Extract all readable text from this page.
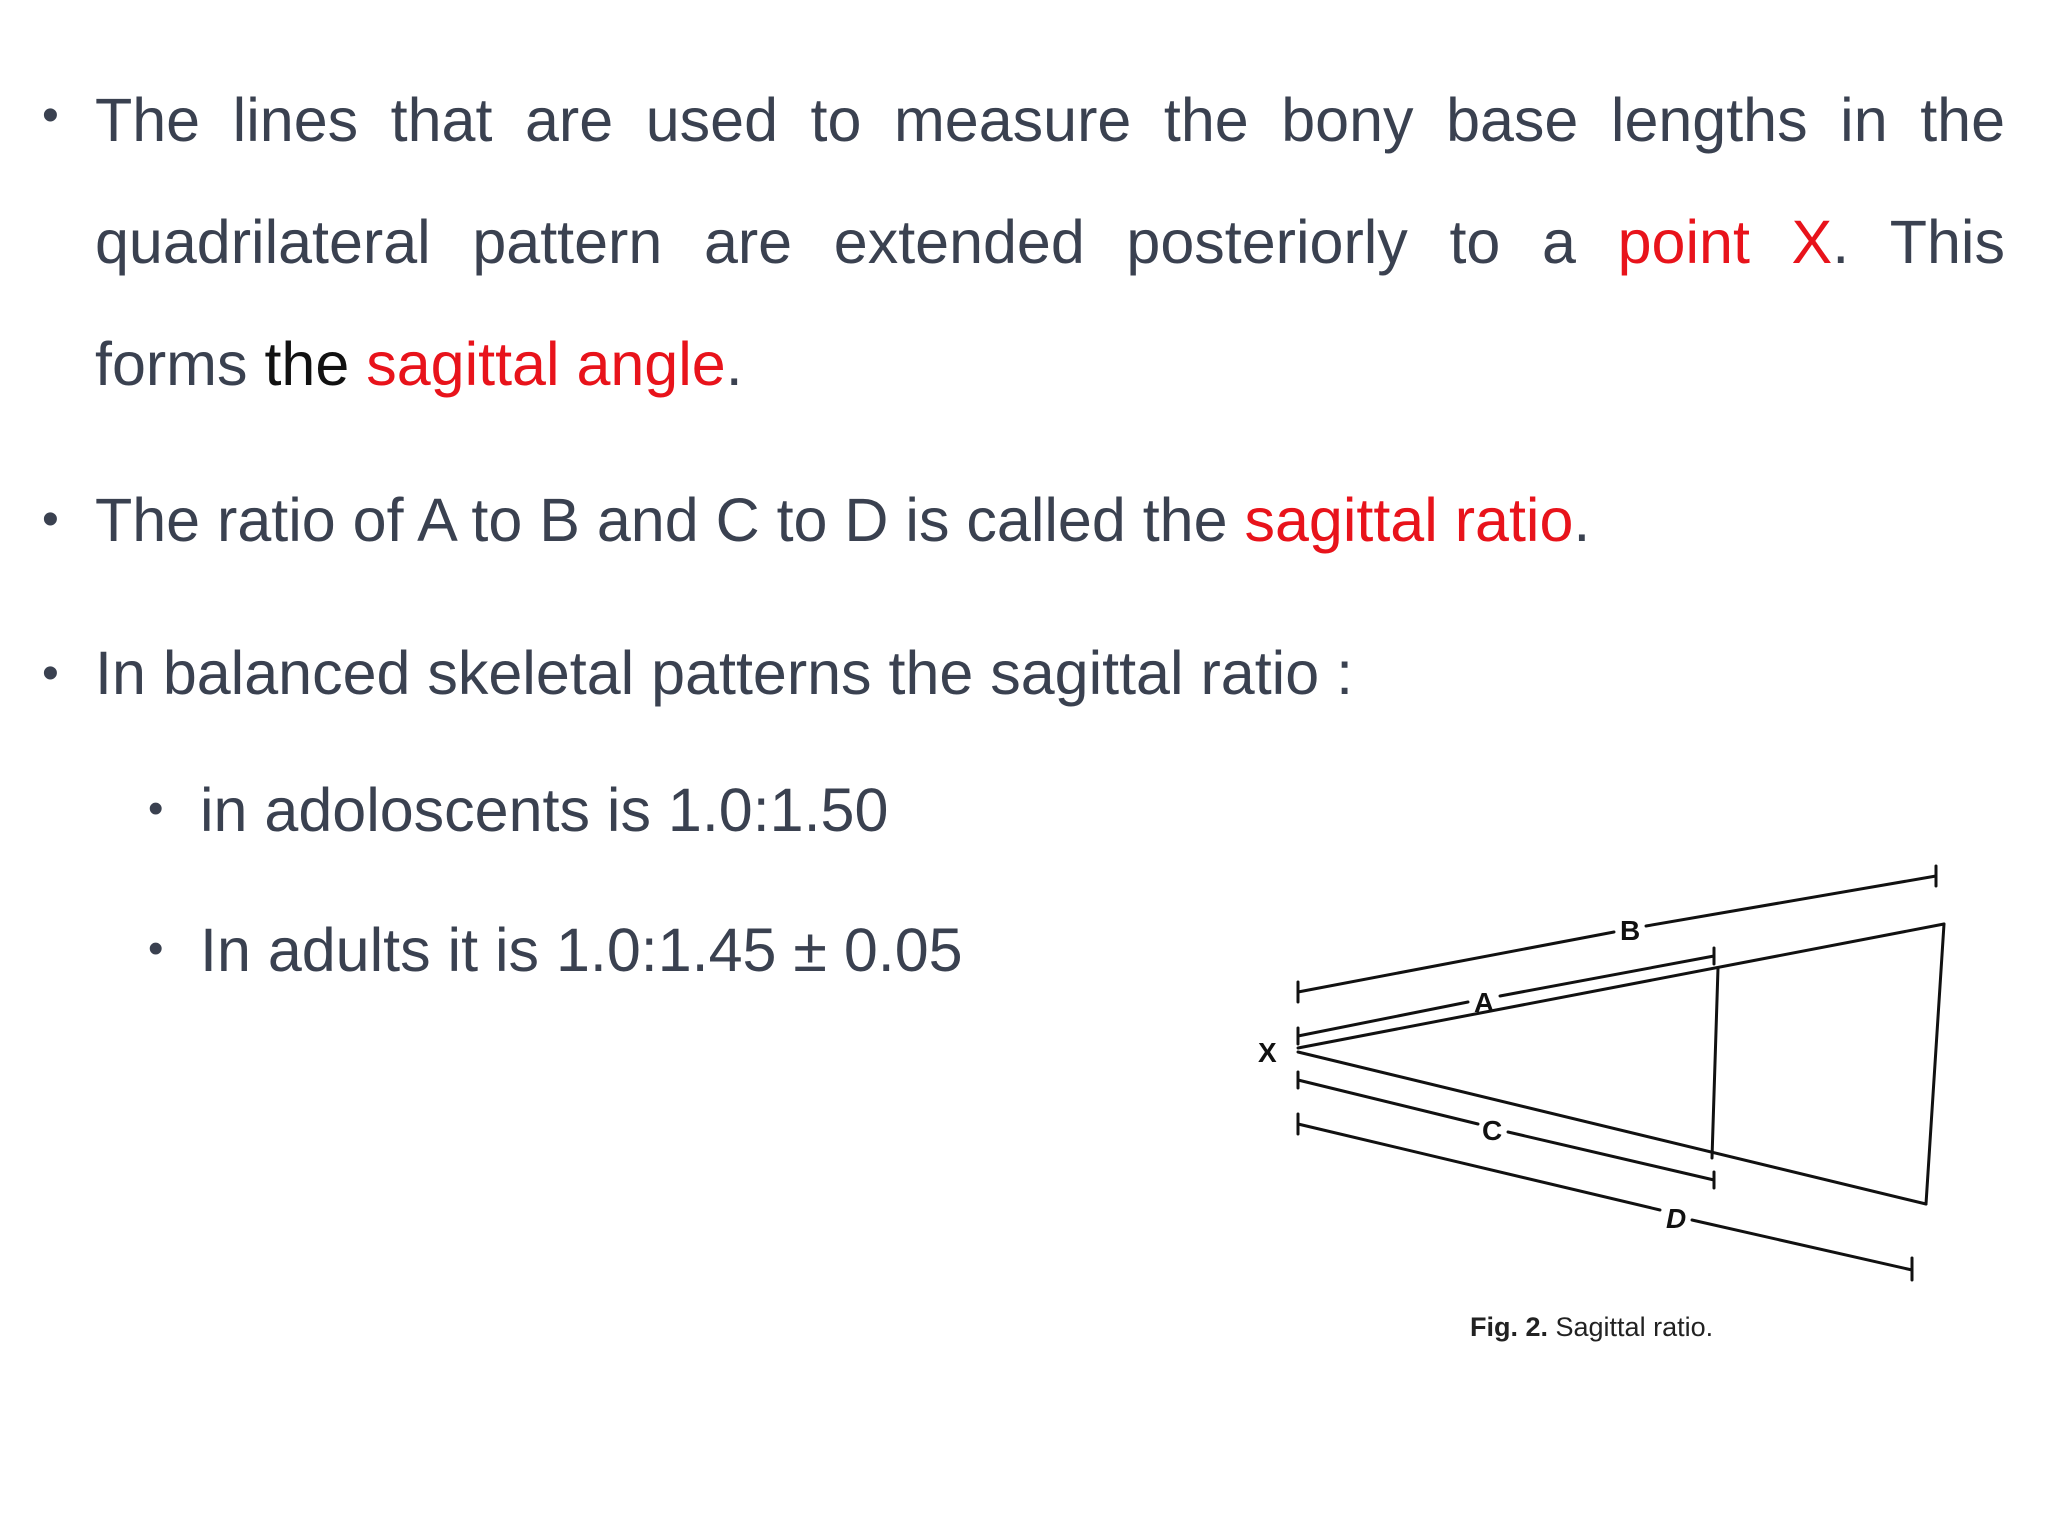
• The lines that are used to measure the bony base lengths in the
quadrilateral pattern are extended posteriorly to a point X. This
forms the sagittal angle.
• The ratio of A to B and C to D is called the sagittal ratio.
• In balanced skeletal patterns the sagittal ratio :
• in adoloscents is 1.0:1.50
• In adults it is 1.0:1.45 ± 0.05
X
A
B
C
D
Fig. 2. Sagittal ratio.
